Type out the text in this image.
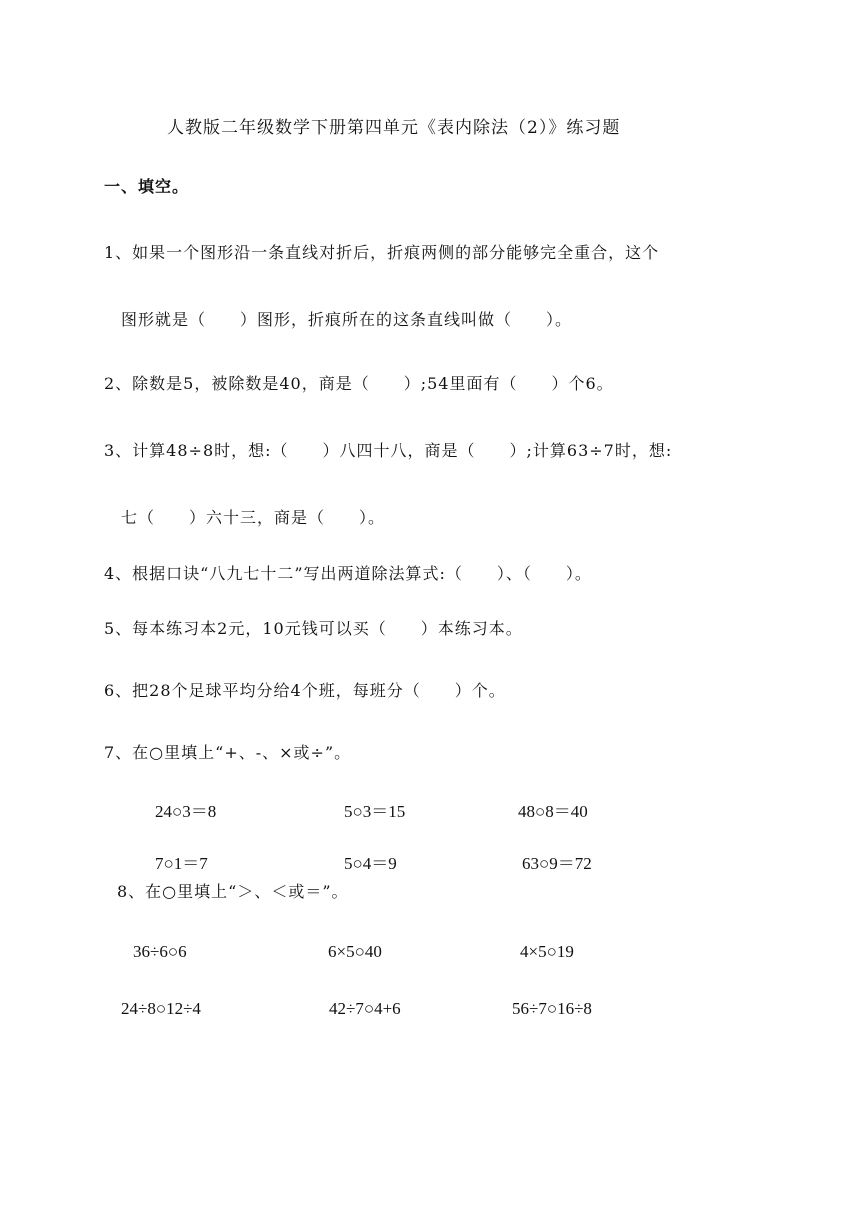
人教版二年级数学下册第四单元《表内除法（2）》练习题
一、填空。
1、如果一个图形沿一条直线对折后，折痕两侧的部分能够完全重合，这个
图形就是（　　）图形，折痕所在的这条直线叫做（　　）。
2、除数是5，被除数是40，商是（　　）;54里面有（　　）个6。
3、计算48÷8时，想:（　　）八四十八，商是（　　）;计算63÷7时，想:
七（　　）六十三，商是（　　）。
4、根据口诀“八九七十二”写出两道除法算式:（　　）、（　　）。
5、每本练习本2元，10元钱可以买（　　）本练习本。
6、把28个足球平均分给4个班，每班分（　　）个。
7、在○里填上“+、-、×或÷”。
24○3＝8	5○3＝15	48○8＝40
7○1＝7	5○4＝9	63○9＝72
8、在○里填上“＞、＜或＝”。
36÷6○6	6×5○40	4×5○19
24÷8○12÷4	42÷7○4+6	56÷7○16÷8
